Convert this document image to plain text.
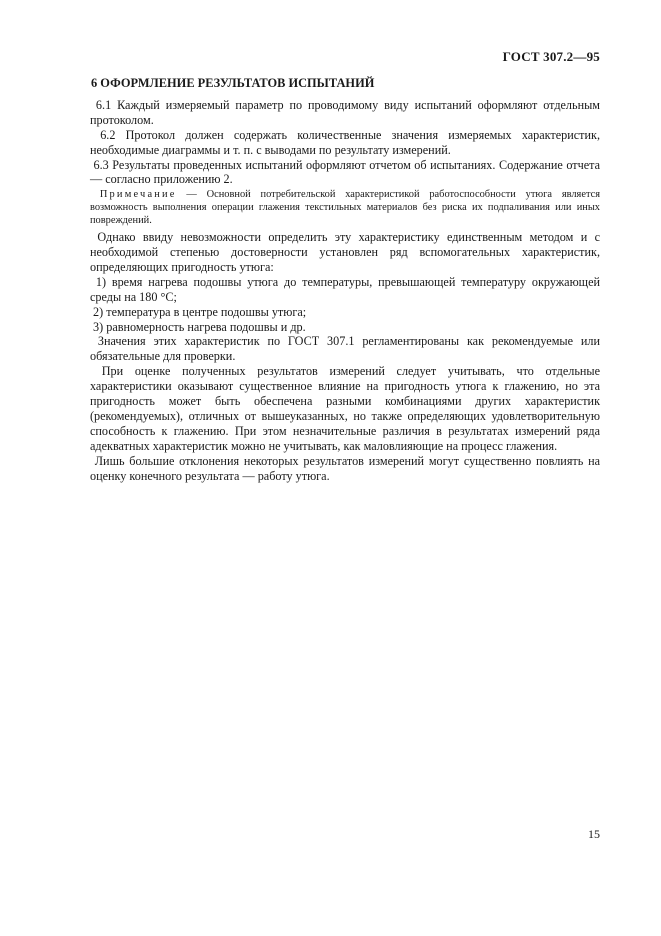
ГОСТ 307.2—95
6 ОФОРМЛЕНИЕ РЕЗУЛЬТАТОВ ИСПЫТАНИЙ

6.1 Каждый измеряемый параметр по проводимому виду испытаний оформляют отдельным протоколом.

6.2 Протокол должен содержать количественные значения измеряемых характеристик, необходимые диаграммы и т. п. с выводами по результату измерений.

6.3 Результаты проведенных испытаний оформляют отчетом об испытаниях. Содержание отчета — согласно приложению 2.

Примечание — Основной потребительской характеристикой работоспособности утюга является возможность выполнения операции глажения текстильных материалов без риска их подпаливания или иных повреждений.

Однако ввиду невозможности определить эту характеристику единственным методом и с необходимой степенью достоверности установлен ряд вспомогательных характеристик, определяющих пригодность утюга:

1) время нагрева подошвы утюга до температуры, превышающей температуру окружающей среды на 180 °С;

2) температура в центре подошвы утюга;

3) равномерность нагрева подошвы и др.

Значения этих характеристик по ГОСТ 307.1 регламентированы как рекомендуемые или обязательные для проверки.

При оценке полученных результатов измерений следует учитывать, что отдельные характеристики оказывают существенное влияние на пригодность утюга к глажению, но эта пригодность может быть обеспечена разными комбинациями других характеристик (рекомендуемых), отличных от вышеуказанных, но также определяющих удовлетворительную способность к глажению. При этом незначительные различия в результатах измерений ряда адекватных характеристик можно не учитывать, как маловлияющие на процесс глажения.

Лишь большие отклонения некоторых результатов измерений могут существенно повлиять на оценку конечного результата — работу утюга.

15
